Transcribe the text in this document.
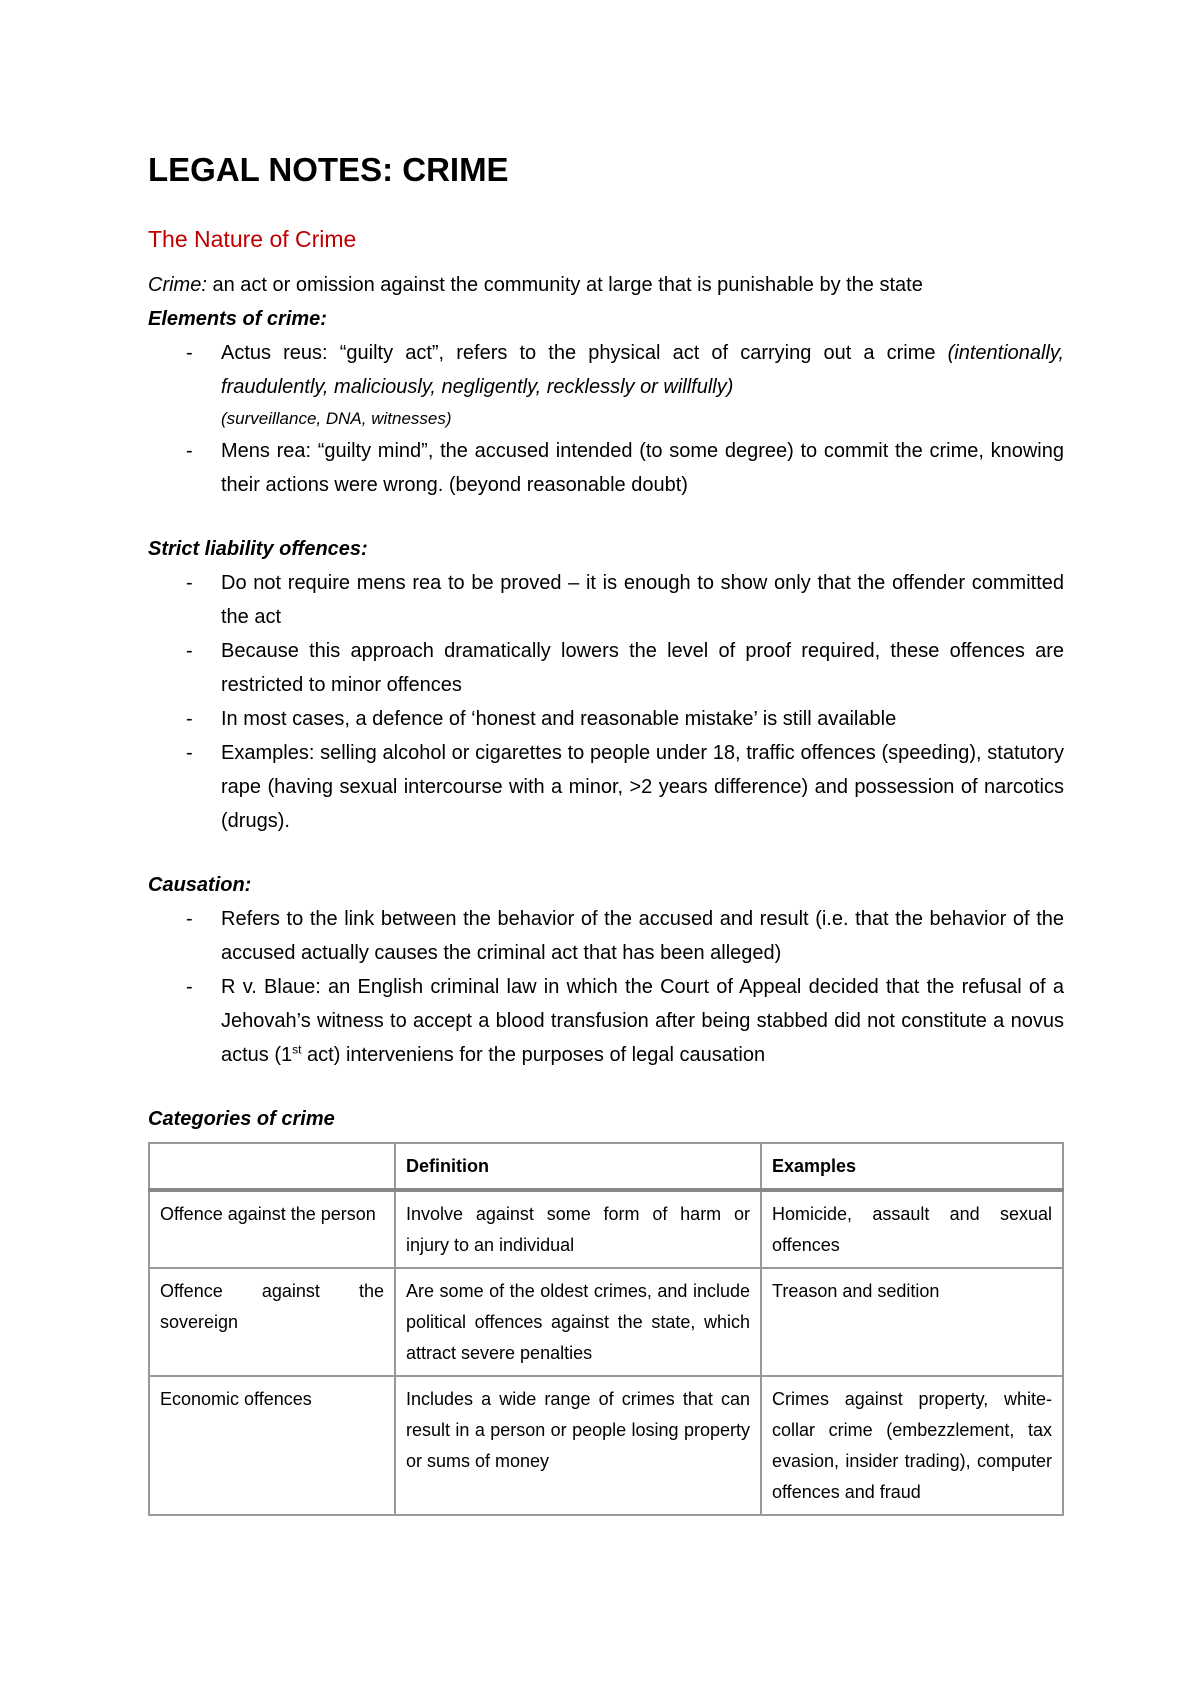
LEGAL NOTES: CRIME
The Nature of Crime
Crime: an act or omission against the community at large that is punishable by the state
Elements of crime:
- Actus reus: “guilty act”, refers to the physical act of carrying out a crime (intentionally, fraudulently, maliciously, negligently, recklessly or willfully)
(surveillance, DNA, witnesses)
- Mens rea: “guilty mind”, the accused intended (to some degree) to commit the crime, knowing their actions were wrong. (beyond reasonable doubt)
Strict liability offences:
- Do not require mens rea to be proved – it is enough to show only that the offender committed the act
- Because this approach dramatically lowers the level of proof required, these offences are restricted to minor offences
- In most cases, a defence of ‘honest and reasonable mistake’ is still available
- Examples: selling alcohol or cigarettes to people under 18, traffic offences (speeding), statutory rape (having sexual intercourse with a minor, >2 years difference) and possession of narcotics (drugs).
Causation:
- Refers to the link between the behavior of the accused and result (i.e. that the behavior of the accused actually causes the criminal act that has been alleged)
- R v. Blaue: an English criminal law in which the Court of Appeal decided that the refusal of a Jehovah’s witness to accept a blood transfusion after being stabbed did not constitute a novus actus (1st act) interveniens for the purposes of legal causation
Categories of crime
	Definition	Examples
Offence against the person	Involve against some form of harm or injury to an individual	Homicide, assault and sexual offences
Offence against the sovereign	Are some of the oldest crimes, and include political offences against the state, which attract severe penalties	Treason and sedition
Economic offences	Includes a wide range of crimes that can result in a person or people losing property or sums of money	Crimes against property, white-collar crime (embezzlement, tax evasion, insider trading), computer offences and fraud
